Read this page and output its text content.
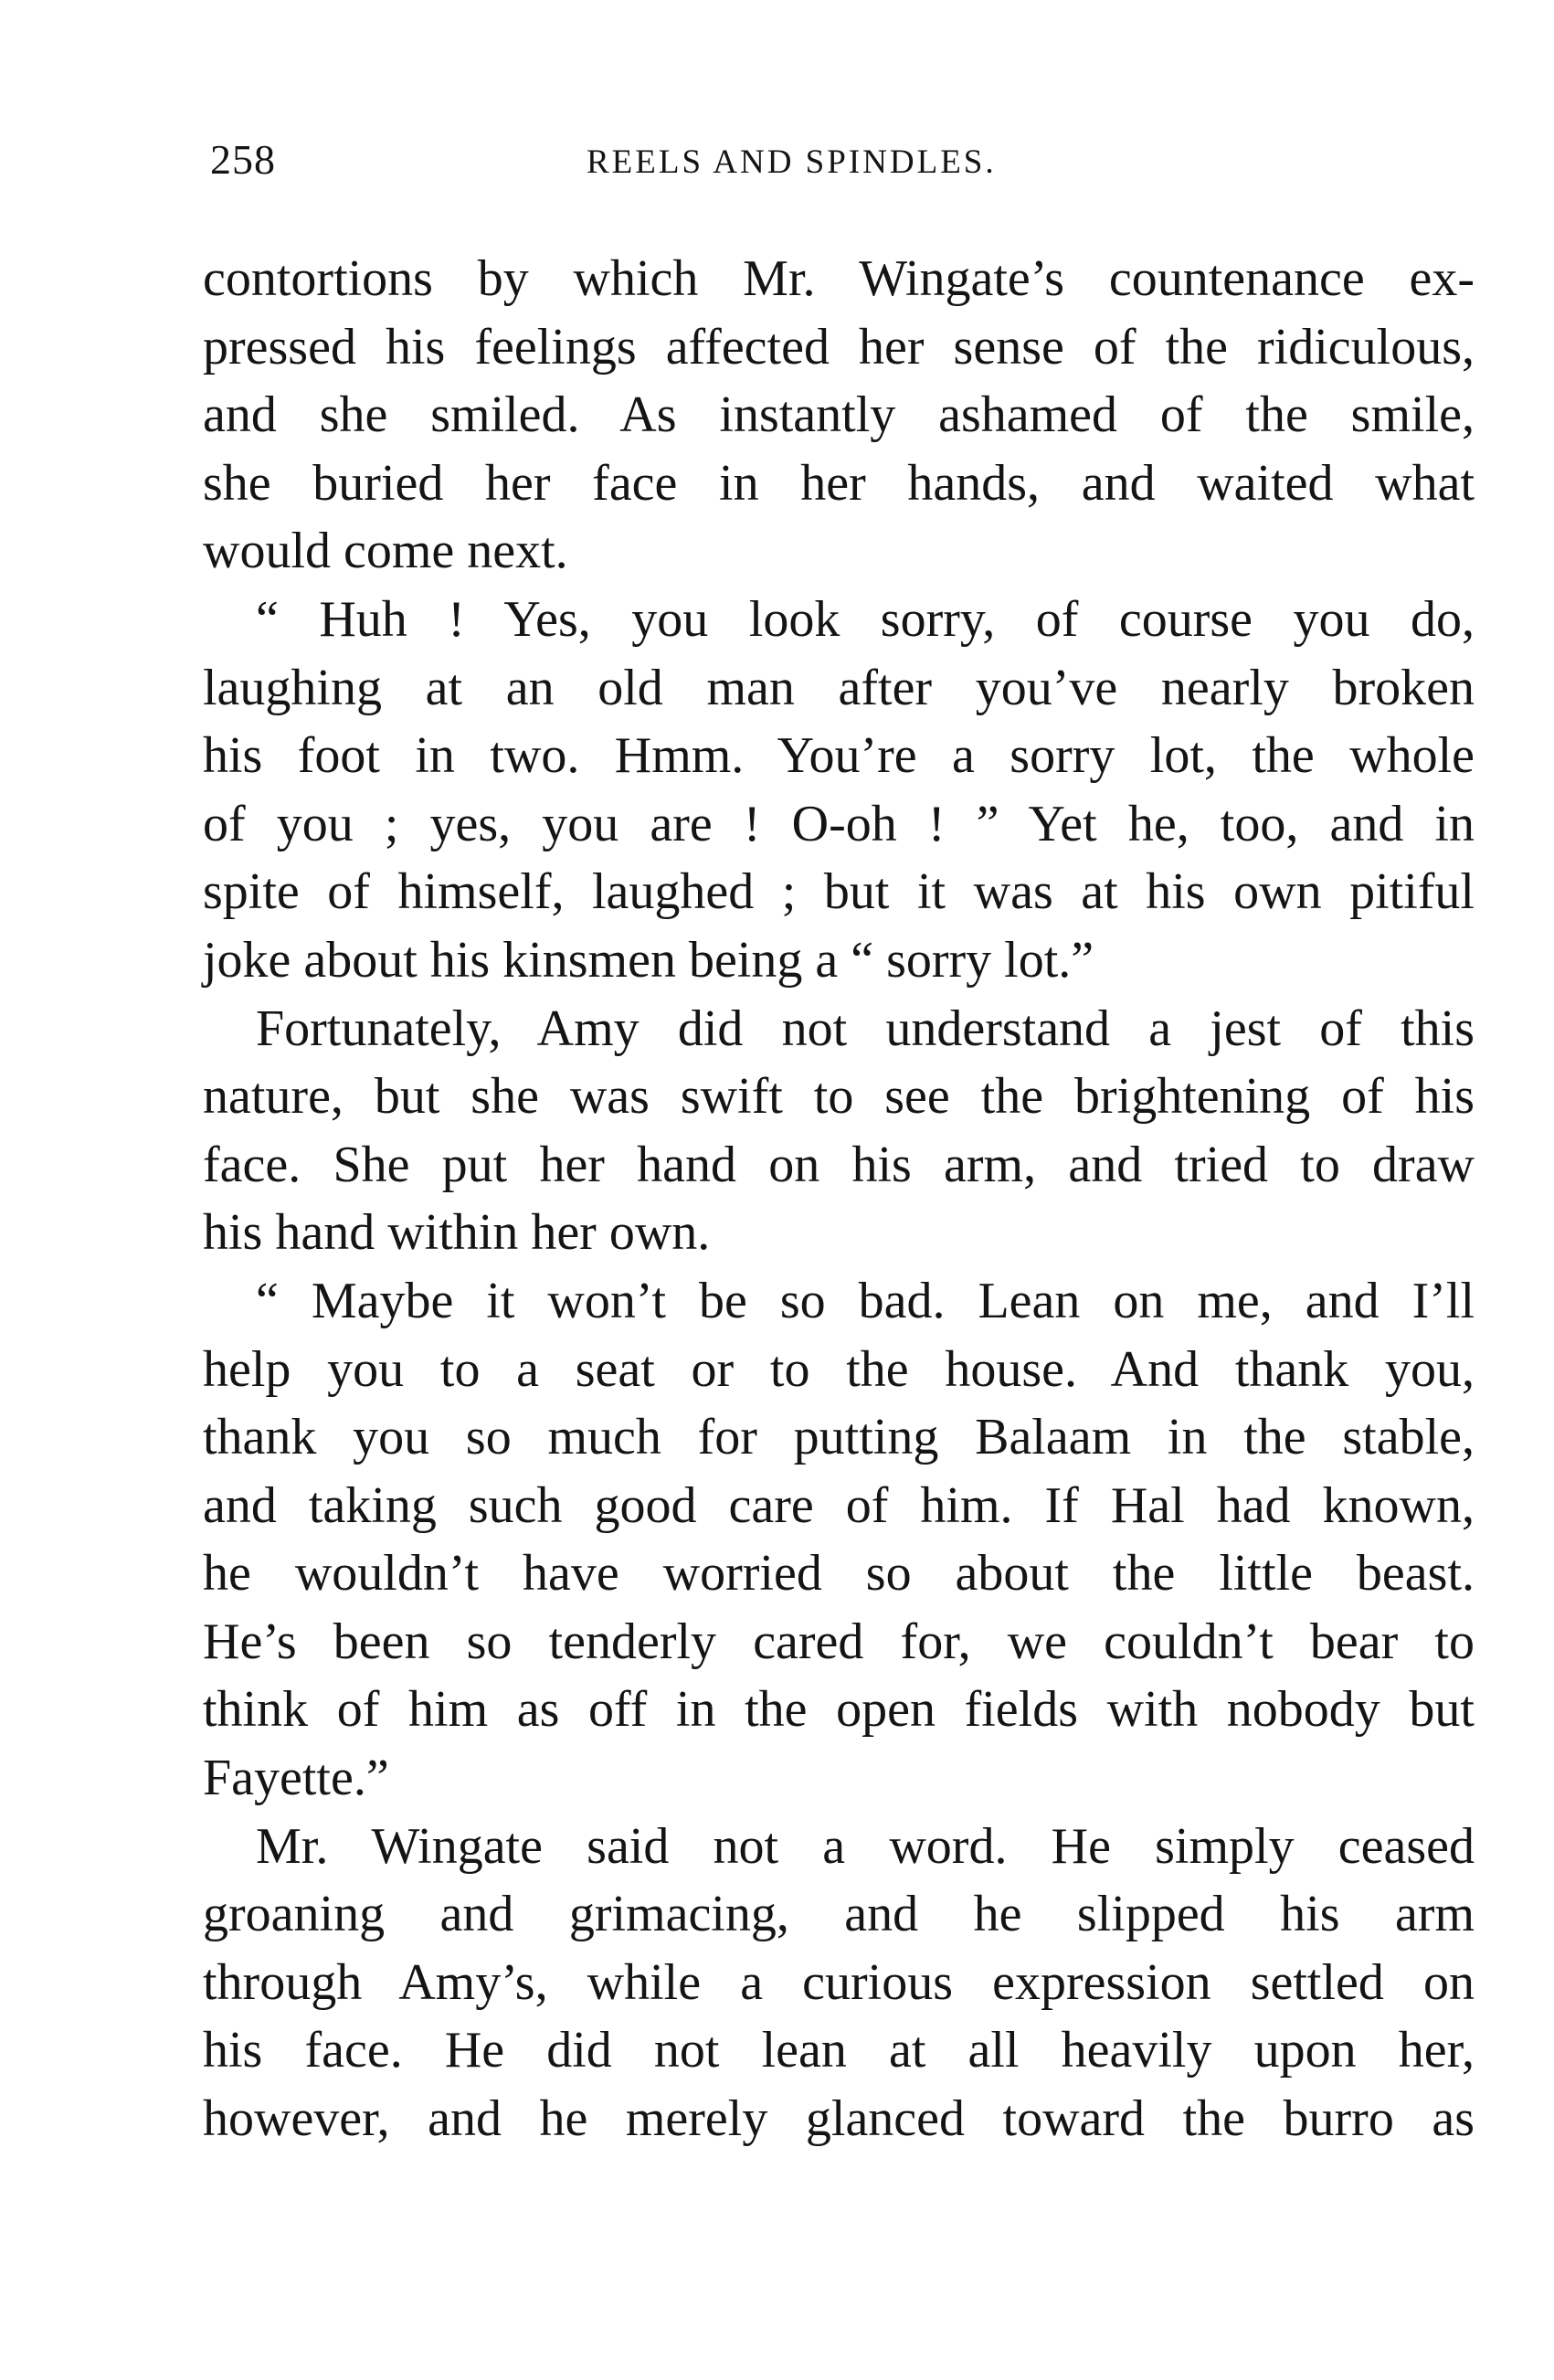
258	REELS AND SPINDLES.
contortions by which Mr. Wingate’s countenance ex-
pressed his feelings affected her sense of the ridiculous,
and she smiled. As instantly ashamed of the smile,
she buried her face in her hands, and waited what
would come next.
“ Huh ! Yes, you look sorry, of course you do,
laughing at an old man after you’ve nearly broken
his foot in two. Hmm. You’re a sorry lot, the whole
of you ; yes, you are ! O-oh ! ” Yet he, too, and in
spite of himself, laughed ; but it was at his own pitiful
joke about his kinsmen being a “ sorry lot.”
Fortunately, Amy did not understand a jest of this
nature, but she was swift to see the brightening of his
face. She put her hand on his arm, and tried to draw
his hand within her own.
“ Maybe it won’t be so bad. Lean on me, and I’ll
help you to a seat or to the house. And thank you,
thank you so much for putting Balaam in the stable,
and taking such good care of him. If Hal had known,
he wouldn’t have worried so about the little beast.
He’s been so tenderly cared for, we couldn’t bear to
think of him as off in the open fields with nobody but
Fayette.”
Mr. Wingate said not a word. He simply ceased
groaning and grimacing, and he slipped his arm
through Amy’s, while a curious expression settled on
his face. He did not lean at all heavily upon her,
however, and he merely glanced toward the burro as
